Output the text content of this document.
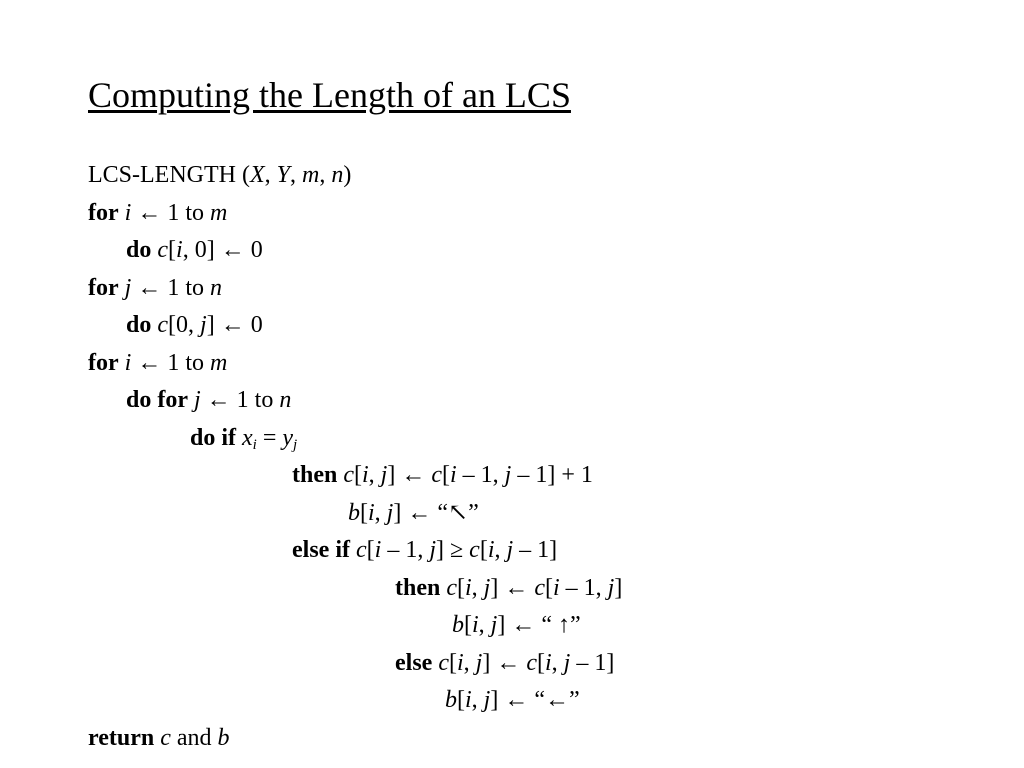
Computing the Length of an LCS
LCS-LENGTH (X, Y, m, n)
for i ← 1 to m
do c[i, 0] ← 0
for j ← 1 to n
do c[0, j] ← 0
for i ← 1 to m
do for j ← 1 to n
do if $x_i = y_j$
then c[i, j] ← c[i – 1, j – 1] + 1
b[i, j] ← “↖”
else if c[i – 1, j] ≥ c[i, j – 1]
then c[i, j] ← c[i – 1, j]
b[i, j] ← “ ↑”
else c[i, j] ← c[i, j – 1]
b[i, j] ← “←”
return c and b
